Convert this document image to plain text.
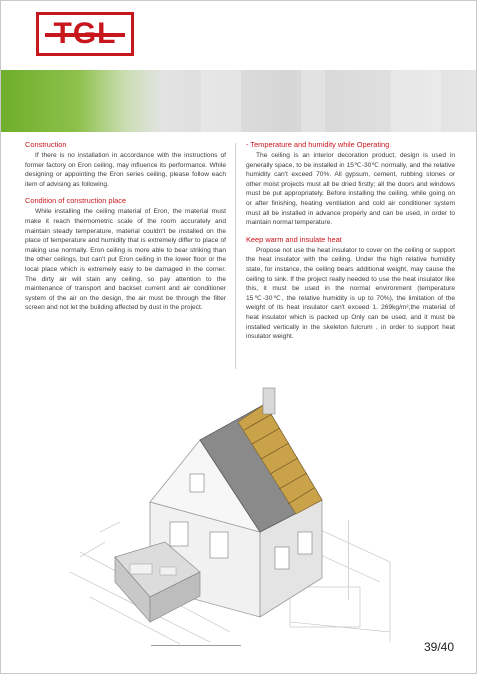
TGL
Construction

If there is no installation in accordance with the instructions of former factory on Eron ceiling, may influence its performance. While designing or appointing the Eron series ceiling, please follow each item of advising as following.

Condition of construction place

While installing the ceiling material of Eron, the material must make it reach thermometric scale of the room accurately and maintain steady temperature, material couldn't be installed on the place of temperature and humidity that is extremely differ to place of making use normally. Eron ceiling is more able to bear striking than the other ceilings, but can't put Eron ceiling in the lower floor or the local place which is extremely easy to be damaged in the corner. The dirty air will stain any ceiling, so pay attention to the maintenance of transport and backset current and air conditioner system of the air on the design, the air must be through the filter screen and not let the building affected by dust in the project.

- Temperature and humidity while Operating

The ceiling is an interior decoration product, design is used in generally space, to be installed in 15℃-30℃ normally, and the relative humidity can't exceed 70%. All gypsum, cement, rubbing stones or other moist projects must all be dried firstly; all the doors and windows must be put appropriately. Before installing the ceiling, while going on or after finishing, heating ventilation and cold air conditioner system must all be installed in advance properly and can be used, in order to maintain normal temperature.

Keep warm and insulate heat

Propose not use the heat insulator to cover on the ceiling or support the heat insulator with the ceiling. Under the high relative humidity state, for instance, the ceiling bears additional weight, may cause the ceiling to sink. If the project really needed to use the heat insulator like this, it must be used in the normal environment (temperature 15℃-30℃, the relative humidity is up to 70%), the limitation of the weight of its heat insulator can't exceed 1. 269kg/m²,the material of heat insulator which is packed up Only can be used, and it must be installed vertically in the skeleton fulcrum , in order to support heat insulator weight.

39/40
